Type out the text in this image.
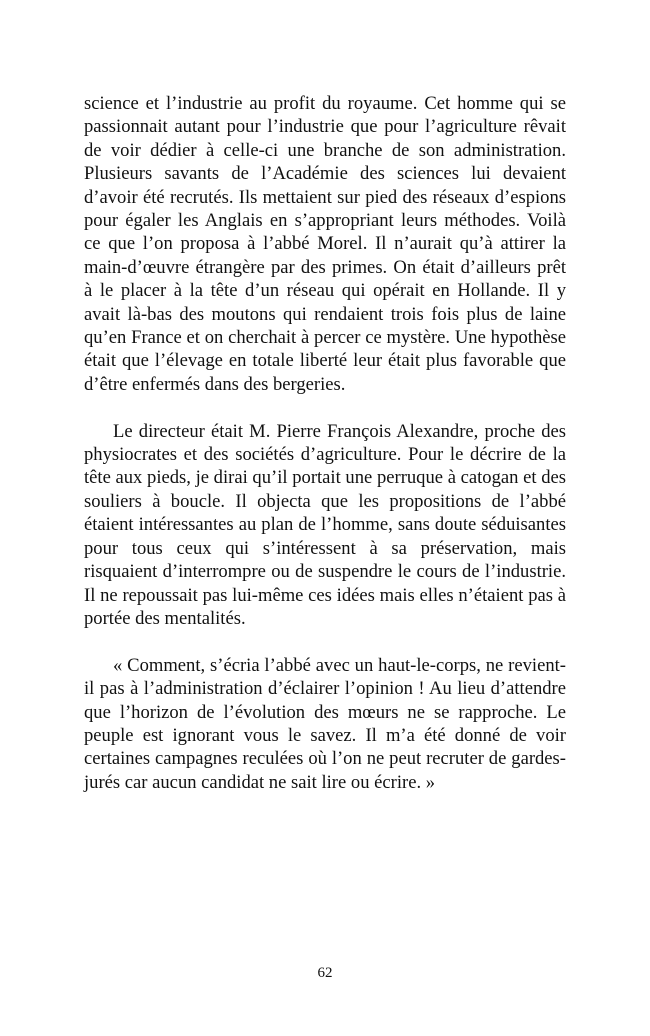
science et l’industrie au profit du royaume. Cet homme qui se passionnait autant pour l’industrie que pour l’agriculture rêvait de voir dédier à celle-ci une branche de son administration. Plusieurs savants de l’Académie des sciences lui devaient d’avoir été recrutés. Ils mettaient sur pied des réseaux d’espions pour égaler les Anglais en s’appropriant leurs méthodes. Voilà ce que l’on proposa à l’abbé Morel. Il n’aurait qu’à attirer la main-d’œuvre étrangère par des primes. On était d’ailleurs prêt à le placer à la tête d’un réseau qui opérait en Hollande. Il y avait là-bas des moutons qui rendaient trois fois plus de laine qu’en France et on cherchait à percer ce mystère. Une hypothèse était que l’élevage en totale liberté leur était plus favorable que d’être enfermés dans des bergeries.

Le directeur était M. Pierre François Alexandre, proche des physiocrates et des sociétés d’agriculture. Pour le décrire de la tête aux pieds, je dirai qu’il portait une perruque à catogan et des souliers à boucle. Il objecta que les propositions de l’abbé étaient intéressantes au plan de l’homme, sans doute séduisantes pour tous ceux qui s’intéressent à sa préservation, mais risquaient d’interrompre ou de suspendre le cours de l’industrie. Il ne repoussait pas lui-même ces idées mais elles n’étaient pas à portée des mentalités.

« Comment, s’écria l’abbé avec un haut-le-corps, ne revient-il pas à l’administration d’éclairer l’opinion ! Au lieu d’attendre que l’horizon de l’évolution des mœurs ne se rapproche. Le peuple est ignorant vous le savez. Il m’a été donné de voir certaines campagnes reculées où l’on ne peut recruter de gardes-jurés car aucun candidat ne sait lire ou écrire. »

62
